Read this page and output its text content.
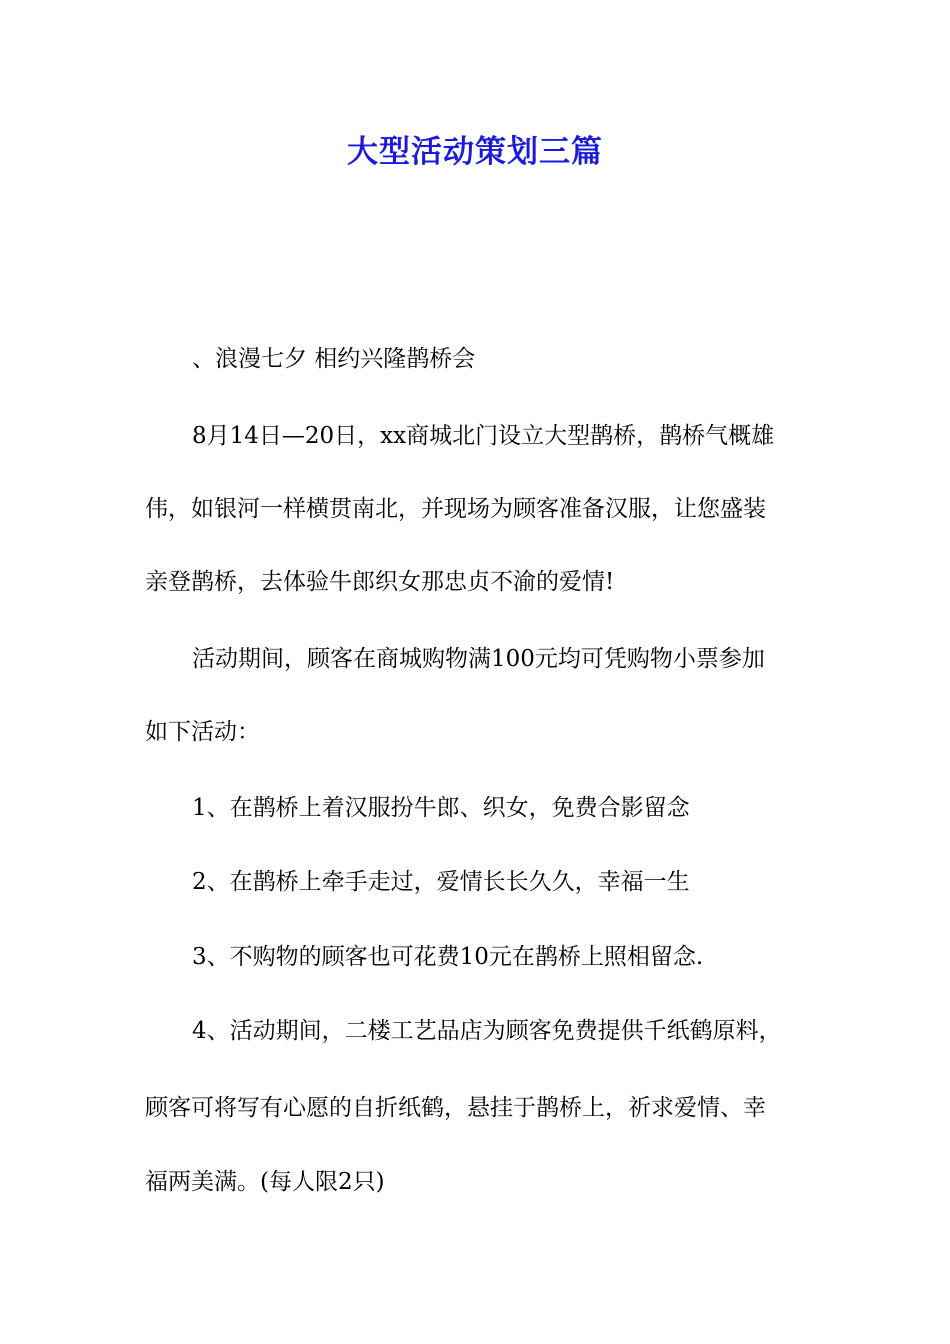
大型活动策划三篇
、浪漫七夕 相约兴隆鹊桥会
8月14日—20日，xx商城北门设立大型鹊桥，鹊桥气概雄
伟，如银河一样横贯南北，并现场为顾客准备汉服，让您盛装
亲登鹊桥，去体验牛郎织女那忠贞不渝的爱情!
活动期间，顾客在商城购物满100元均可凭购物小票参加
如下活动：
1、在鹊桥上着汉服扮牛郎、织女，免费合影留念
2、在鹊桥上牵手走过，爱情长长久久，幸福一生
3、不购物的顾客也可花费10元在鹊桥上照相留念.
4、活动期间，二楼工艺品店为顾客免费提供千纸鹤原料，
顾客可将写有心愿的自折纸鹤，悬挂于鹊桥上，祈求爱情、幸
福两美满。(每人限2只)
